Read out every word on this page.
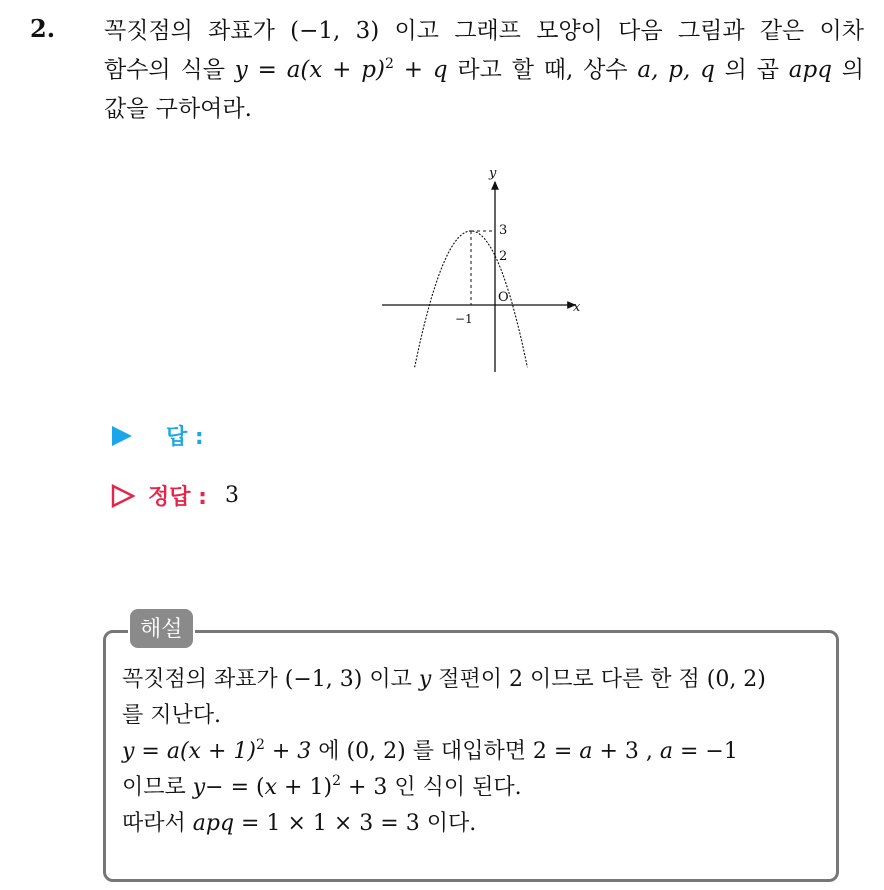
2. 꼭짓점의 좌표가 (−1, 3) 이고 그래프 모양이 다음 그림과 같은 이차

함수의 식을 $y = a(x + p)^2 + q$ 라고 할 때, 상수 a, p, q 의 곱 apq 의

값을 구하여라.

y
x
O
3
2
−1
답 :
정답 : 3
해설

꼭짓점의 좌표가 (−1, 3) 이고 y 절편이 2 이므로 다른 한 점 (0, 2)

를 지난다.

$y = a(x + 1)^2 + 3$ 에 (0, 2) 를 대입하면 2 = a + 3 , a = −1

이므로 $y- = (x + 1)^2 + 3$ 인 식이 된다.

따라서 apq = 1 × 1 × 3 = 3 이다.
